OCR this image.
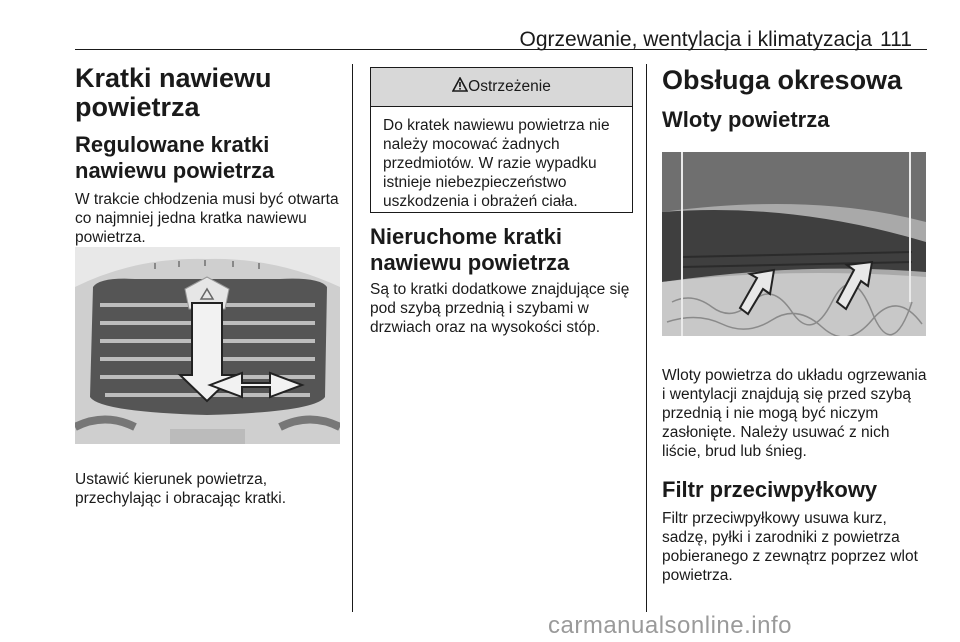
Ogrzewanie, wentylacja i klimatyzacja 111
Kratki nawiewu powietrza
Regulowane kratki nawiewu powietrza

W trakcie chłodzenia musi być otwarta co najmniej jedna kratka nawiewu powietrza.

Ustawić kierunek powietrza, przechylając i obracając kratki.

Ostrzeżenie
Do kratek nawiewu powietrza nie należy mocować żadnych przedmiotów. W razie wypadku istnieje niebezpieczeństwo uszkodzenia i obrażeń ciała.
Nieruchome kratki nawiewu powietrza

Są to kratki dodatkowe znajdujące się pod szybą przednią i szybami w drzwiach oraz na wysokości stóp.

Obsługa okresowa
Wloty powietrza

Wloty powietrza do układu ogrzewania i wentylacji znajdują się przed szybą przednią i nie mogą być niczym zasłonięte. Należy usuwać z nich liście, brud lub śnieg.

Filtr przeciwpyłkowy

Filtr przeciwpyłkowy usuwa kurz, sadzę, pyłki i zarodniki z powietrza pobieranego z zewnątrz poprzez wlot powietrza.

carmanualsonline.info
